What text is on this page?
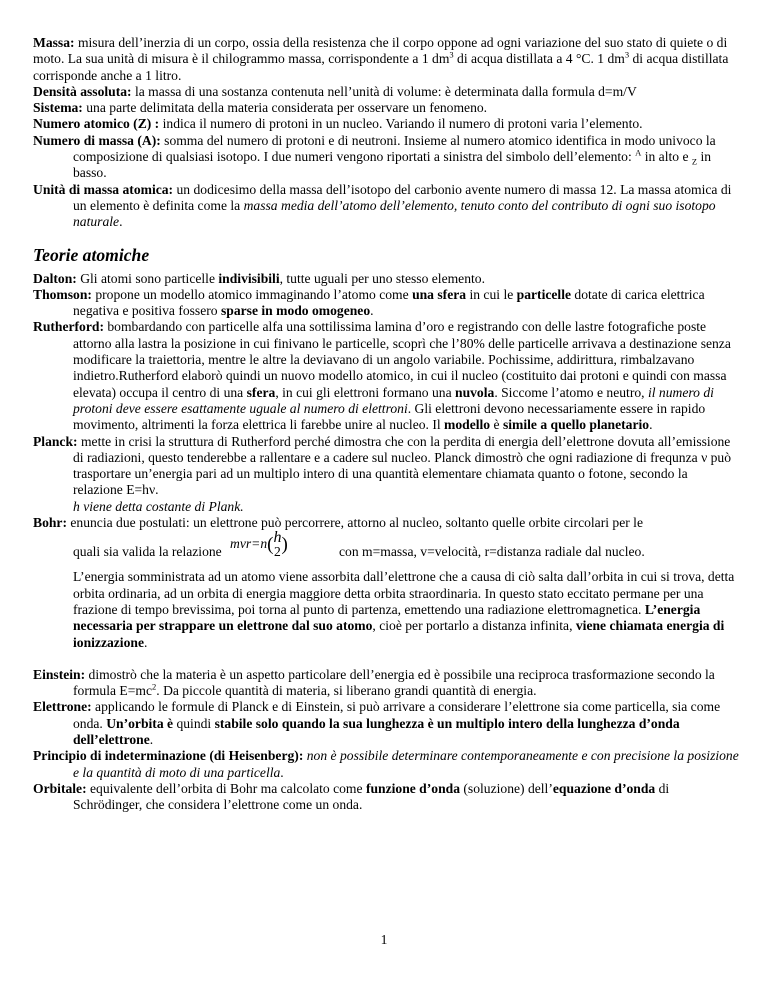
Massa: misura dell’inerzia di un corpo, ossia della resistenza che il corpo oppone ad ogni variazione del suo stato di quiete o di moto. La sua unità di misura è il chilogrammo massa, corrispondente a 1 $dm^3$ di acqua distillata a 4 °C. 1 $dm^3$ di acqua distillata corrisponde anche a 1 litro.

Densità assoluta: la massa di una sostanza contenuta nell’unità di volume: è determinata dalla formula d=m/V

Sistema: una parte delimitata della materia considerata per osservare un fenomeno.

Numero atomico (Z) : indica il numero di protoni in un nucleo. Variando il numero di protoni varia l’elemento.

Numero di massa (A): somma del numero di protoni e di neutroni. Insieme al numero atomico identifica in modo univoco la composizione di qualsiasi isotopo. I due numeri vengono riportati a sinistra del simbolo dell’elemento: $^A$ in alto e $_Z$ in basso.

Unità di massa atomica: un dodicesimo della massa dell’isotopo del carbonio avente numero di massa 12. La massa atomica di un elemento è definita come la massa media dell’atomo dell’elemento, tenuto conto del contributo di ogni suo isotopo naturale.

Teorie atomiche

Dalton: Gli atomi sono particelle indivisibili, tutte uguali per uno stesso elemento.

Thomson: propone un modello atomico immaginando l’atomo come una sfera in cui le particelle dotate di carica elettrica negativa e positiva fossero sparse in modo omogeneo.

Rutherford: bombardando con particelle alfa una sottilissima lamina d’oro e registrando con delle lastre fotografiche poste attorno alla lastra la posizione in cui finivano le particelle, scoprì che l’80% delle particelle arrivava a destinazione senza modificare la traiettoria, mentre le altre la deviavano di un angolo variabile. Pochissime, addirittura, rimbalzavano indietro.Rutherford elaborò quindi un nuovo modello atomico, in cui il nucleo (costituito dai protoni e quindi con massa elevata) occupa il centro di una sfera, in cui gli elettroni formano una nuvola. Siccome l’atomo e neutro, il numero di protoni deve essere esattamente uguale al numero di elettroni. Gli elettroni devono necessariamente essere in rapido movimento, altrimenti la forza elettrica li farebbe unire al nucleo. Il modello è simile a quello planetario.

Planck: mette in crisi la struttura di Rutherford perché dimostra che con la perdita di energia dell’elettrone dovuta all’emissione di radiazioni, questo tenderebbe a rallentare e a cadere sul nucleo. Planck dimostrò che ogni radiazione di frequnza ν può trasportare un’energia pari ad un multiplo intero di una quantità elementare chiamata quanto o fotone, secondo la relazione E=hν.
h viene detta costante di Plank.

Bohr: enuncia due postulati: un elettrone può percorrere, attorno al nucleo, soltanto quelle orbite circolari per le

quali sia valida la relazione
mvr=n( h
2 )	con m=massa, v=velocità, r=distanza radiale dal nucleo.

L’energia somministrata ad un atomo viene assorbita dall’elettrone che a causa di ciò salta dall’orbita in cui si trova, detta orbita ordinaria, ad un orbita di energia maggiore detta orbita straordinaria. In questo stato eccitato permane per una frazione di tempo brevissima, poi torna al punto di partenza, emettendo una radiazione elettromagnetica. L’energia necessaria per strappare un elettrone dal suo atomo, cioè per portarlo a distanza infinita, viene chiamata energia di ionizzazione.

Einstein: dimostrò che la materia è un aspetto particolare dell’energia ed è possibile una reciproca trasformazione secondo la formula $E=mc^2$. Da piccole quantità di materia, si liberano grandi quantità di energia.

Elettrone: applicando le formule di Planck e di Einstein, si può arrivare a considerare l’elettrone sia come particella, sia come onda. Un’orbita è quindi stabile solo quando la sua lunghezza è un multiplo intero della lunghezza d’onda dell’elettrone.

Principio di indeterminazione (di Heisenberg): non è possibile determinare contemporaneamente e con precisione la posizione e la quantità di moto di una particella.

Orbitale: equivalente dell’orbita di Bohr ma calcolato come funzione d’onda (soluzione) dell’equazione d’onda di Schrödinger, che considera l’elettrone come un onda.

1
